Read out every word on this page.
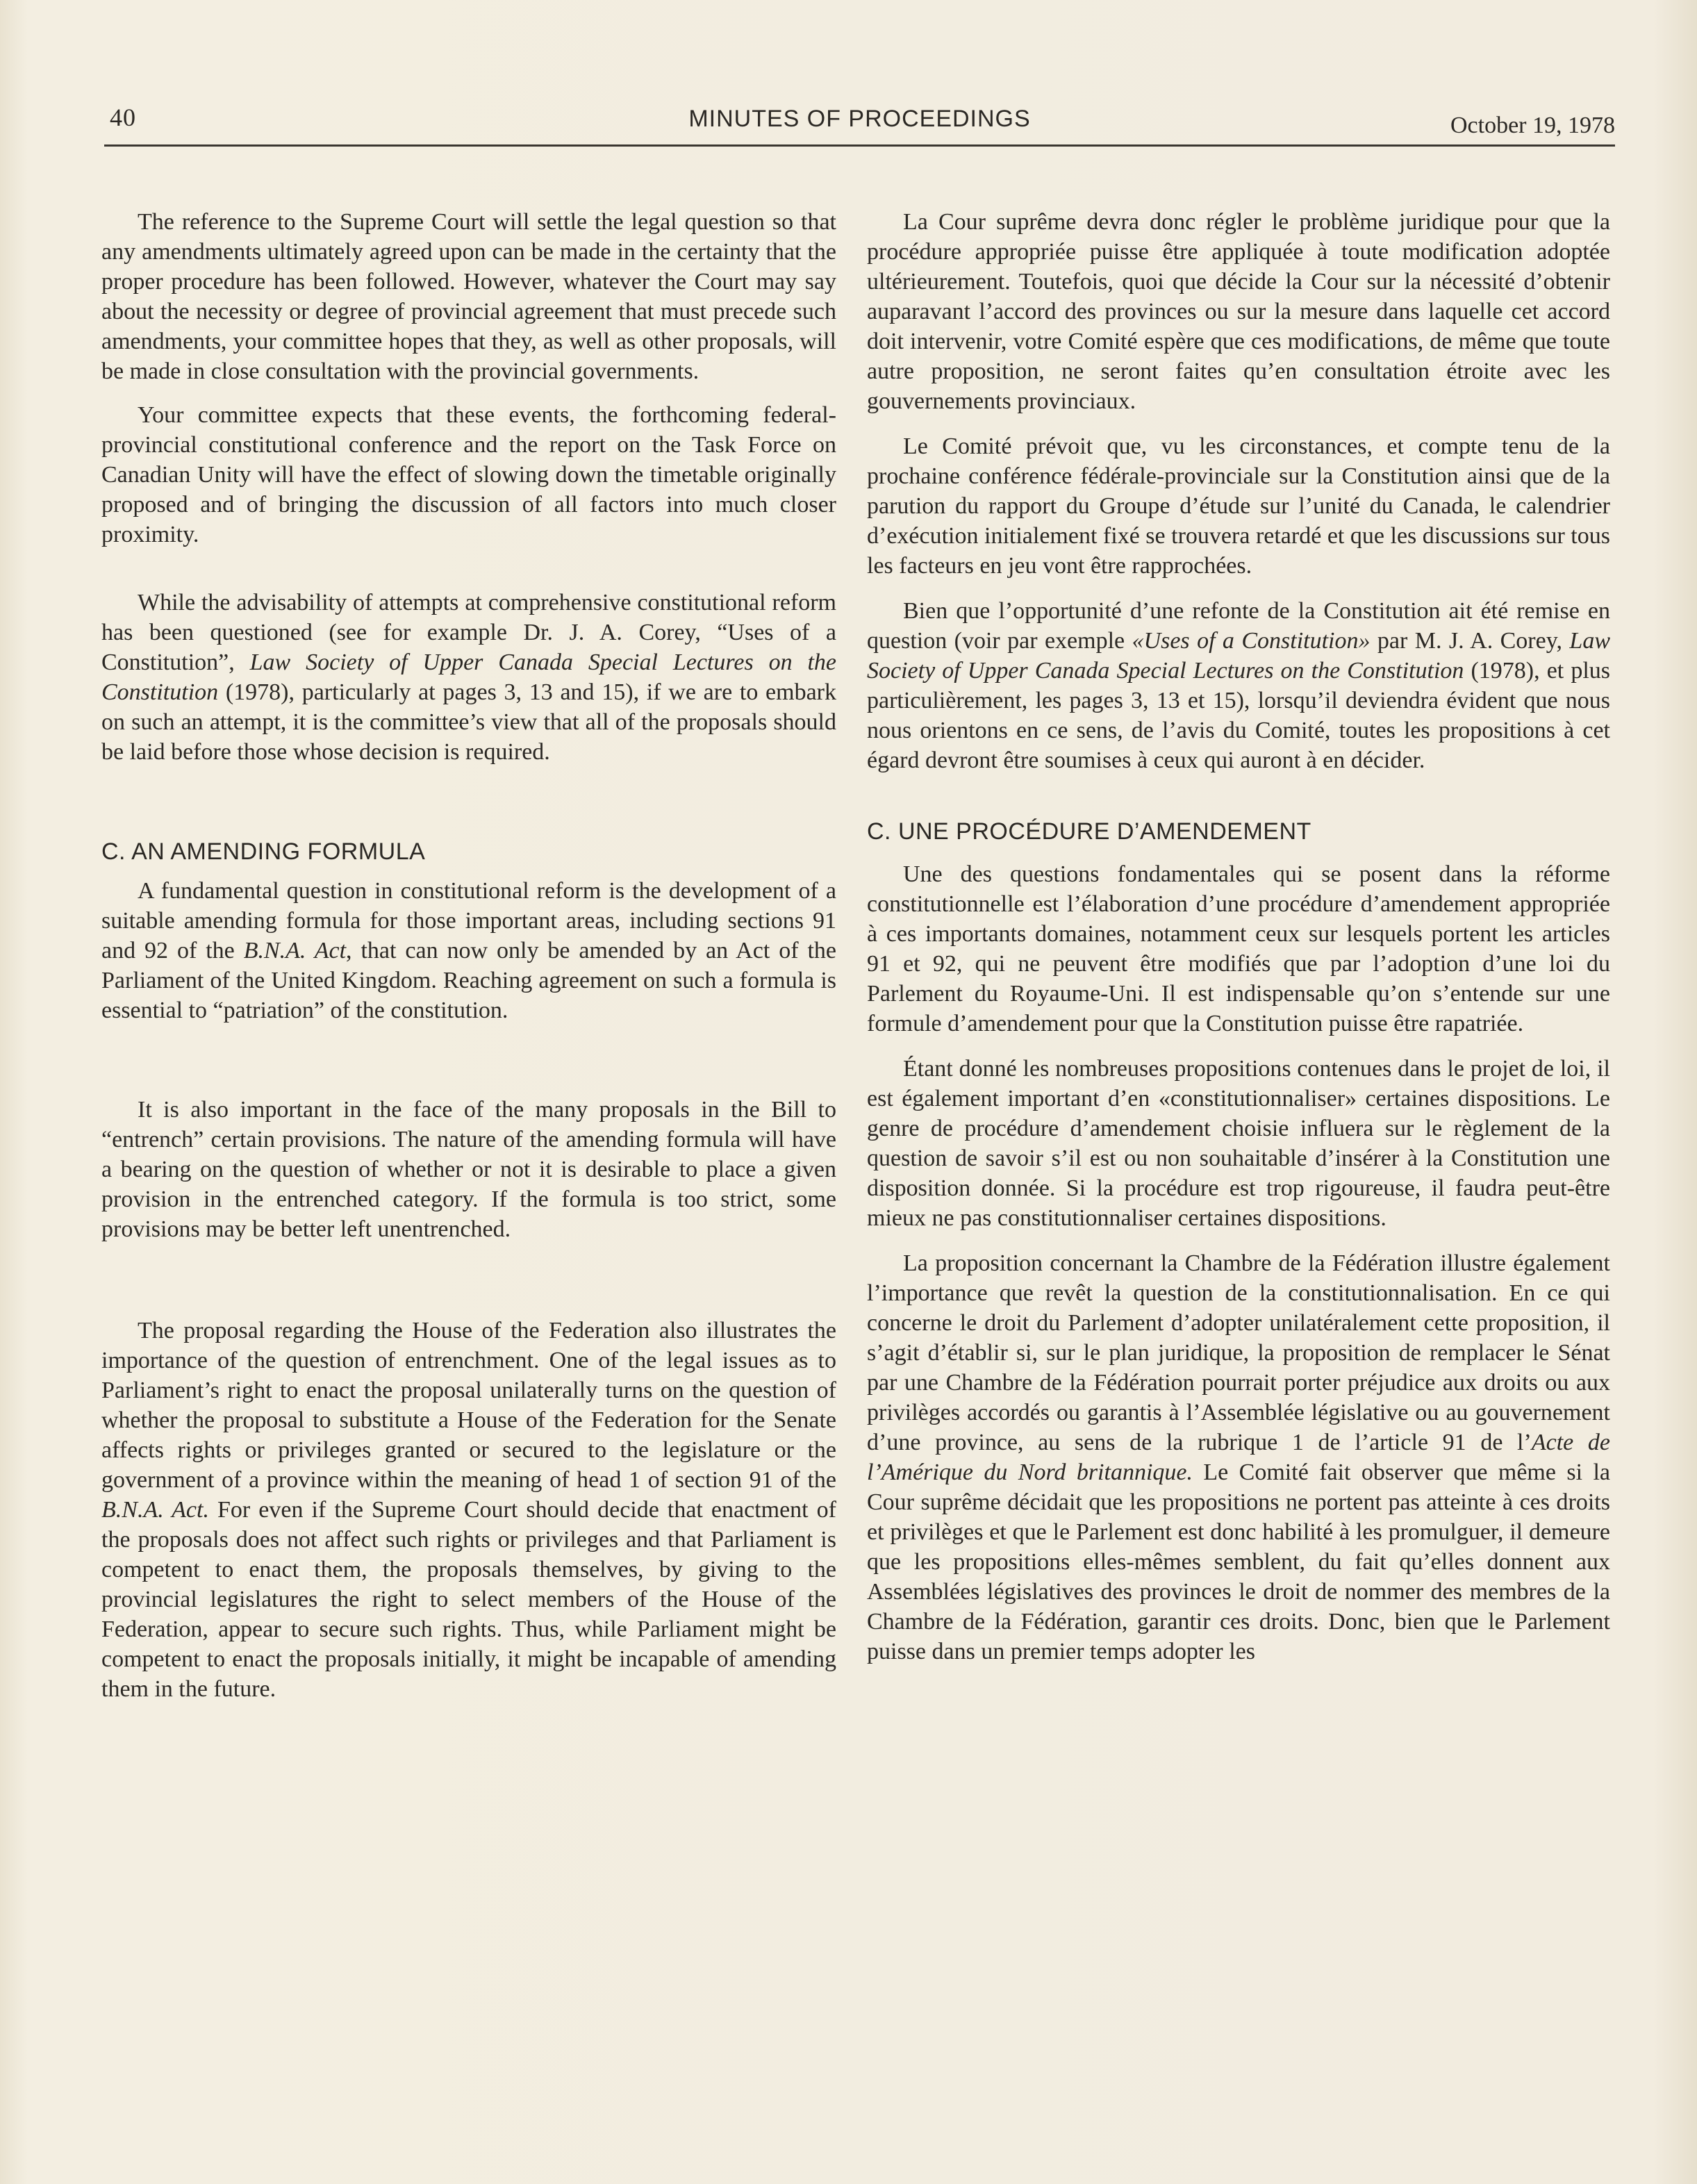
40	MINUTES OF PROCEEDINGS	October 19, 1978

The reference to the Supreme Court will settle the legal question so that any amendments ultimately agreed upon can be made in the certainty that the proper procedure has been followed. However, whatever the Court may say about the necessity or degree of provincial agreement that must precede such amendments, your committee hopes that they, as well as other proposals, will be made in close consultation with the provincial governments.

Your committee expects that these events, the forthcoming federal-provincial constitutional conference and the report on the Task Force on Canadian Unity will have the effect of slowing down the timetable originally proposed and of bringing the discussion of all factors into much closer proximity.

While the advisability of attempts at comprehensive constitutional reform has been questioned (see for example Dr. J. A. Corey, “Uses of a Constitution”, Law Society of Upper Canada Special Lectures on the Constitution (1978), particularly at pages 3, 13 and 15), if we are to embark on such an attempt, it is the committee’s view that all of the proposals should be laid before those whose decision is required.

C. AN AMENDING FORMULA

A fundamental question in constitutional reform is the development of a suitable amending formula for those important areas, including sections 91 and 92 of the B.N.A. Act, that can now only be amended by an Act of the Parliament of the United Kingdom. Reaching agreement on such a formula is essential to “patriation” of the constitution.

It is also important in the face of the many proposals in the Bill to “entrench” certain provisions. The nature of the amending formula will have a bearing on the question of whether or not it is desirable to place a given provision in the entrenched category. If the formula is too strict, some provisions may be better left unentrenched.

The proposal regarding the House of the Federation also illustrates the importance of the question of entrenchment. One of the legal issues as to Parliament’s right to enact the proposal unilaterally turns on the question of whether the proposal to substitute a House of the Federation for the Senate affects rights or privileges granted or secured to the legislature or the government of a province within the meaning of head 1 of section 91 of the B.N.A. Act. For even if the Supreme Court should decide that enactment of the proposals does not affect such rights or privileges and that Parliament is competent to enact them, the proposals themselves, by giving to the provincial legislatures the right to select members of the House of the Federation, appear to secure such rights. Thus, while Parliament might be competent to enact the proposals initially, it might be incapable of amending them in the future.

La Cour suprême devra donc régler le problème juridique pour que la procédure appropriée puisse être appliquée à toute modification adoptée ultérieurement. Toutefois, quoi que décide la Cour sur la nécessité d’obtenir auparavant l’accord des provinces ou sur la mesure dans laquelle cet accord doit intervenir, votre Comité espère que ces modifications, de même que toute autre proposition, ne seront faites qu’en consultation étroite avec les gouvernements provinciaux.

Le Comité prévoit que, vu les circonstances, et compte tenu de la prochaine conférence fédérale-provinciale sur la Constitution ainsi que de la parution du rapport du Groupe d’étude sur l’unité du Canada, le calendrier d’exécution initialement fixé se trouvera retardé et que les discussions sur tous les facteurs en jeu vont être rapprochées.

Bien que l’opportunité d’une refonte de la Constitution ait été remise en question (voir par exemple «Uses of a Constitution» par M. J. A. Corey, Law Society of Upper Canada Special Lectures on the Constitution (1978), et plus particulièrement, les pages 3, 13 et 15), lorsqu’il deviendra évident que nous nous orientons en ce sens, de l’avis du Comité, toutes les propositions à cet égard devront être soumises à ceux qui auront à en décider.

C. UNE PROCÉDURE D’AMENDEMENT

Une des questions fondamentales qui se posent dans la réforme constitutionnelle est l’élaboration d’une procédure d’amendement appropriée à ces importants domaines, notamment ceux sur lesquels portent les articles 91 et 92, qui ne peuvent être modifiés que par l’adoption d’une loi du Parlement du Royaume-Uni. Il est indispensable qu’on s’entende sur une formule d’amendement pour que la Constitution puisse être rapatriée.

Étant donné les nombreuses propositions contenues dans le projet de loi, il est également important d’en «constitutionnaliser» certaines dispositions. Le genre de procédure d’amendement choisie influera sur le règlement de la question de savoir s’il est ou non souhaitable d’insérer à la Constitution une disposition donnée. Si la procédure est trop rigoureuse, il faudra peut-être mieux ne pas constitutionnaliser certaines dispositions.

La proposition concernant la Chambre de la Fédération illustre également l’importance que revêt la question de la constitutionnalisation. En ce qui concerne le droit du Parlement d’adopter unilatéralement cette proposition, il s’agit d’établir si, sur le plan juridique, la proposition de remplacer le Sénat par une Chambre de la Fédération pourrait porter préjudice aux droits ou aux privilèges accordés ou garantis à l’Assemblée législative ou au gouvernement d’une province, au sens de la rubrique 1 de l’article 91 de l’Acte de l’Amérique du Nord britannique. Le Comité fait observer que même si la Cour suprême décidait que les propositions ne portent pas atteinte à ces droits et privilèges et que le Parlement est donc habilité à les promulguer, il demeure que les propositions elles-mêmes semblent, du fait qu’elles donnent aux Assemblées législatives des provinces le droit de nommer des membres de la Chambre de la Fédération, garantir ces droits. Donc, bien que le Parlement puisse dans un premier temps adopter les
